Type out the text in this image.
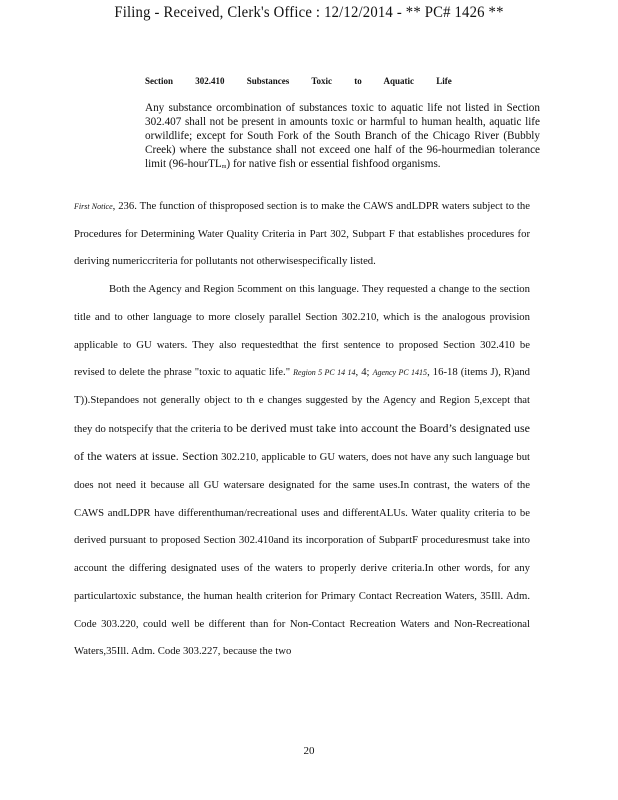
Filing - Received, Clerk's Office : 12/12/2014 - ** PC# 1426 **
Section 302.410 Substances Toxic to Aquatic Life
Any substance orcombination of substances toxic to aquatic life not listed in Section 302.407 shall not be present in amounts toxic or harmful to human health, aquatic life orwildlife; except for South Fork of the South Branch of the Chicago River (Bubbly Creek) where the substance shall not exceed one half of the 96-hourmedian tolerance limit (96-hourTLm) for native fish or essential fishfood organisms.

First Notice, 236. The function of thisproposed section is to make the CAWS andLDPR waters subject to the Procedures for Determining Water Quality Criteria in Part 302, Subpart F that establishes procedures for deriving numericcriteria for pollutants not otherwisespecifically listed.

Both the Agency and Region 5comment on this language. They requested a change to the section title and to other language to more closely parallel Section 302.210, which is the analogous provision applicable to GU waters. They also requestedthat the first sentence to proposed Section 302.410 be revised to delete the phrase "toxic to aquatic life." Region 5 PC 14 14, 4; Agency PC 1415, 16-18 (items J), R)and T)).Stepandoes not generally object to th e changes suggested by the Agency and Region 5,except that they do notspecify that the criteria to be derived must take into account the Board’s designated use of the waters at issue. Section 302.210, applicable to GU waters, does not have any such language but does not need it because all GU watersare designated for the same uses.In contrast, the waters of the CAWS andLDPR have differenthuman/recreational uses and differentALUs. Water quality criteria to be derived pursuant to proposed Section 302.410and its incorporation of SubpartF proceduresmust take into account the differing designated uses of the waters to properly derive criteria.In other words, for any particulartoxic substance, the human health criterion for Primary Contact Recreation Waters, 35Ill. Adm. Code 303.220, could well be different than for Non-Contact Recreation Waters and Non-Recreational Waters,35Ill. Adm. Code 303.227, because the two

20
